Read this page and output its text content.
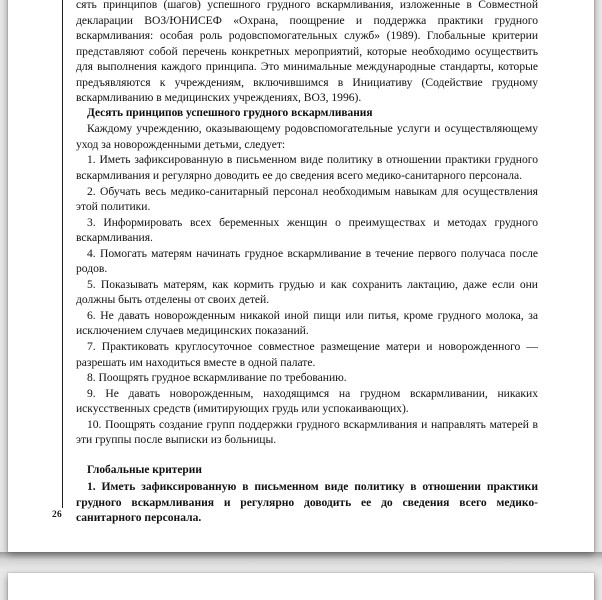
сять принципов (шагов) успешного грудного вскармливания, изложенные в Совместной декларации ВОЗ/ЮНИСЕФ «Охрана, поощрение и поддержка практики грудного вскармливания: особая роль родовспомогательных служб» (1989). Глобальные критерии представляют собой перечень конкретных мероприятий, которые необходимо осуществить для выполнения каждого принципа. Это минимальные международные стандарты, которые предъявляются к учреждениям, включившимся в Инициативу (Содействие грудному вскармливанию в медицинских учреждениях, ВОЗ, 1996).

Десять принципов успешного грудного вскармливания

Каждому учреждению, оказывающему родовспомогательные услуги и осуществляющему уход за новорожденными детьми, следует:

1. Иметь зафиксированную в письменном виде политику в отношении практики грудного вскармливания и регулярно доводить ее до сведения всего медико-санитарного персонала.

2. Обучать весь медико-санитарный персонал необходимым навыкам для осуществления этой политики.

3. Информировать всех беременных женщин о преимуществах и методах грудного вскармливания.

4. Помогать матерям начинать грудное вскармливание в течение первого получаса после родов.

5. Показывать матерям, как кормить грудью и как сохранить лактацию, даже если они должны быть отделены от своих детей.

6. Не давать новорожденным никакой иной пищи или питья, кроме грудного молока, за исключением случаев медицинских показаний.

7. Практиковать круглосуточное совместное размещение матери и новорожденного — разрешать им находиться вместе в одной палате.

8. Поощрять грудное вскармливание по требованию.

9. Не давать новорожденным, находящимся на грудном вскармливании, никаких искусственных средств (имитирующих грудь или успокаивающих).

10. Поощрять создание групп поддержки грудного вскармливания и направлять матерей в эти группы после выписки из больницы.

Глобальные критерии

1. Иметь зафиксированную в письменном виде политику в отношении практики грудного вскармливания и регулярно доводить ее до сведения всего медико-санитарного персонала.

26
